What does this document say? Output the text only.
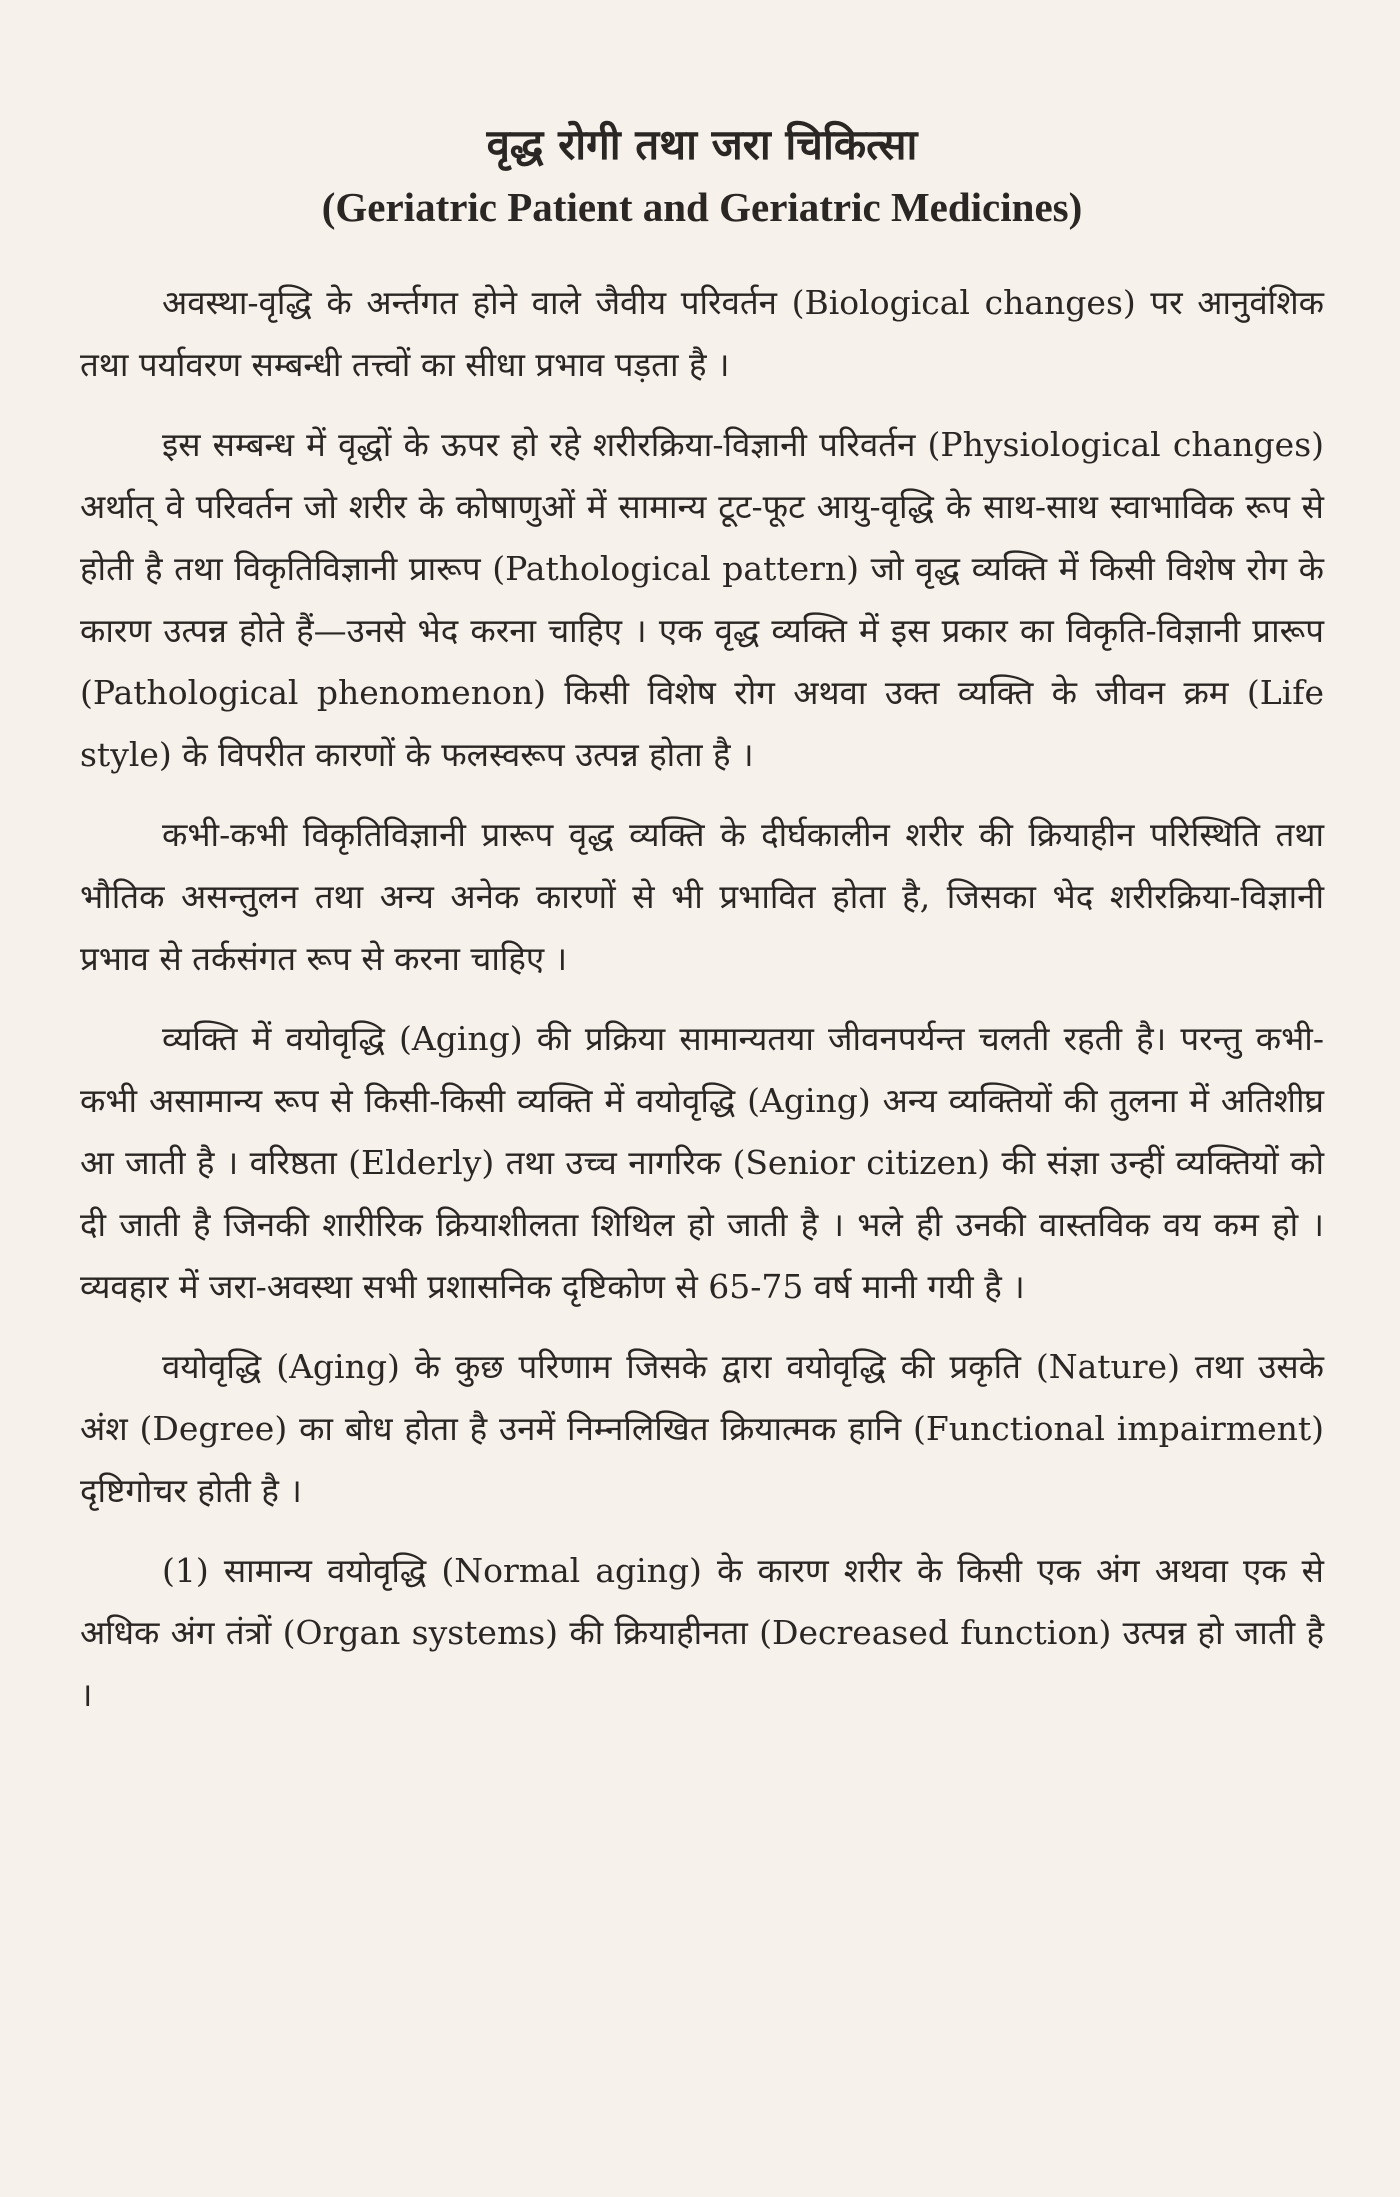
वृद्ध रोगी तथा जरा चिकित्सा
(Geriatric Patient and Geriatric Medicines)

अवस्था-वृद्धि के अर्न्तगत होने वाले जैवीय परिवर्तन (Biological changes) पर आनुवंशिक तथा पर्यावरण सम्बन्धी तत्त्वों का सीधा प्रभाव पड़ता है ।

इस सम्बन्ध में वृद्धों के ऊपर हो रहे शरीरक्रिया-विज्ञानी परिवर्तन (Physiological changes) अर्थात् वे परिवर्तन जो शरीर के कोषाणुओं में सामान्य टूट-फूट आयु-वृद्धि के साथ-साथ स्वाभाविक रूप से होती है तथा विकृतिविज्ञानी प्रारूप (Pathological pattern) जो वृद्ध व्यक्ति में किसी विशेष रोग के कारण उत्पन्न होते हैं—उनसे भेद करना चाहिए । एक वृद्ध व्यक्ति में इस प्रकार का विकृति-विज्ञानी प्रारूप (Pathological phenomenon) किसी विशेष रोग अथवा उक्त व्यक्ति के जीवन क्रम (Life style) के विपरीत कारणों के फलस्वरूप उत्पन्न होता है ।

कभी-कभी विकृतिविज्ञानी प्रारूप वृद्ध व्यक्ति के दीर्घकालीन शरीर की क्रियाहीन परिस्थिति तथा भौतिक असन्तुलन तथा अन्य अनेक कारणों से भी प्रभावित होता है, जिसका भेद शरीरक्रिया-विज्ञानी प्रभाव से तर्कसंगत रूप से करना चाहिए ।

व्यक्ति में वयोवृद्धि (Aging) की प्रक्रिया सामान्यतया जीवनपर्यन्त चलती रहती है। परन्तु कभी-कभी असामान्य रूप से किसी-किसी व्यक्ति में वयोवृद्धि (Aging) अन्य व्यक्तियों की तुलना में अतिशीघ्र आ जाती है । वरिष्ठता (Elderly) तथा उच्च नागरिक (Senior citizen) की संज्ञा उन्हीं व्यक्तियों को दी जाती है जिनकी शारीरिक क्रियाशीलता शिथिल हो जाती है । भले ही उनकी वास्तविक वय कम हो । व्यवहार में जरा-अवस्था सभी प्रशासनिक दृष्टिकोण से 65-75 वर्ष मानी गयी है ।

वयोवृद्धि (Aging) के कुछ परिणाम जिसके द्वारा वयोवृद्धि की प्रकृति (Nature) तथा उसके अंश (Degree) का बोध होता है उनमें निम्नलिखित क्रियात्मक हानि (Functional impairment) दृष्टिगोचर होती है ।

(1) सामान्य वयोवृद्धि (Normal aging) के कारण शरीर के किसी एक अंग अथवा एक से अधिक अंग तंत्रों (Organ systems) की क्रियाहीनता (Decreased function) उत्पन्न हो जाती है ।
